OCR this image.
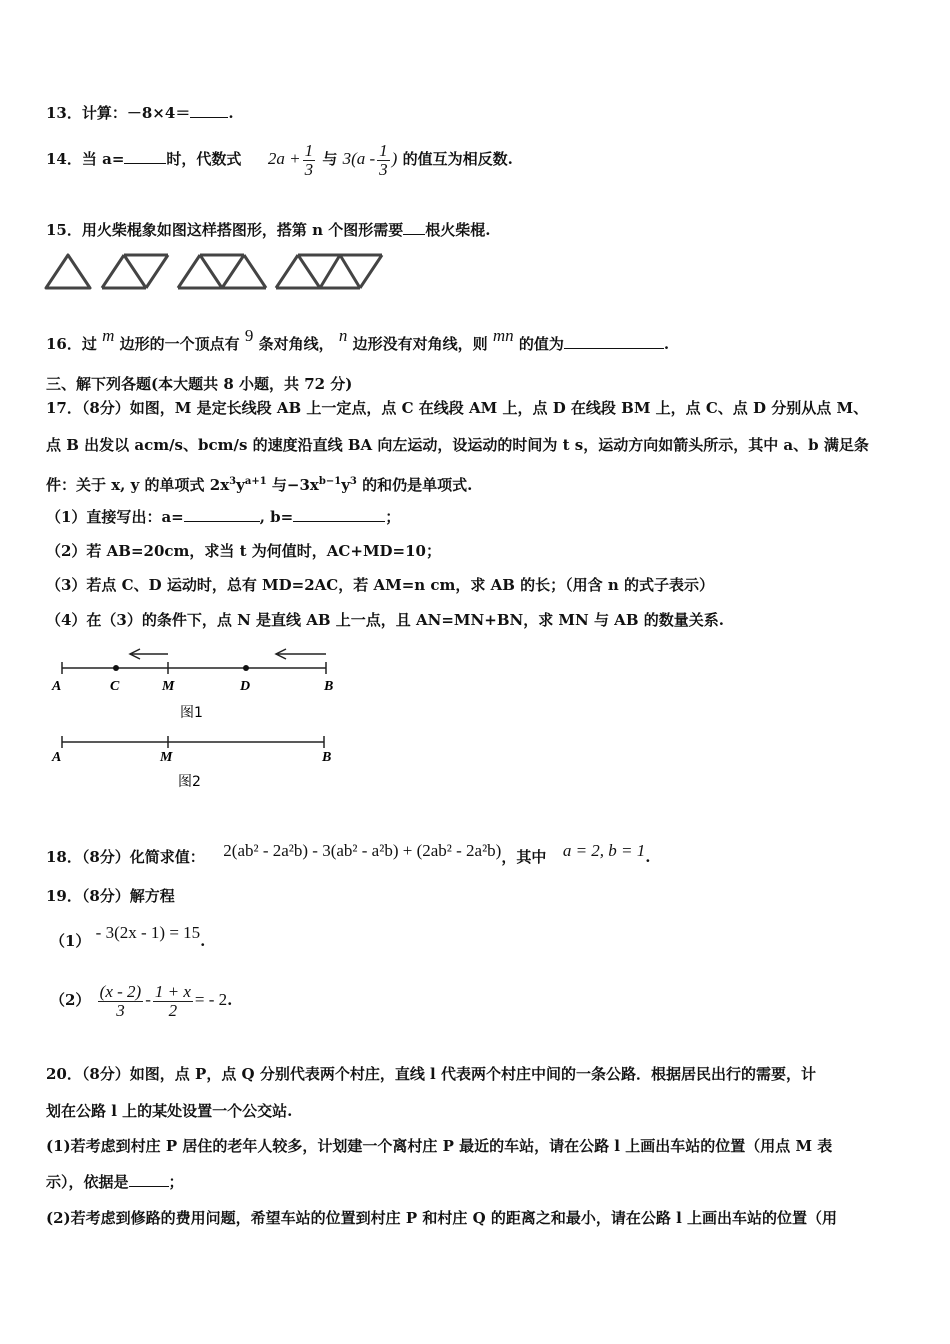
13．计算：－8×4＝	.
14．当 a=	时，代数式 $2a + \frac{1}{3}$ 与 $3(a - \frac{1}{3}$ ) 的值互为相反数.
15．用火柴棍象如图这样搭图形，搭第 n 个图形需要 根火柴棍.
16．过 m 边形的一个顶点有 9 条对角线， n 边形没有对角线，则 mn 的值为	.
三、解下列各题(本大题共 8 小题，共 72 分)
17．（8分）如图，M 是定长线段 AB 上一定点，点 C 在线段 AM 上，点 D 在线段 BM 上，点 C、点 D 分别从点 M、
点 B 出发以 acm/s、bcm/s 的速度沿直线 BA 向左运动，设运动的时间为 t s，运动方向如箭头所示，其中 a、b 满足条
件：关于 x, y 的单项式 $2x^3y^{a+1}$ 与$-3x^{b-1}y^3$ 的和仍是单项式.
（1）直接写出：a=	, b=	；
（2）若 AB=20cm，求当 t 为何值时，AC+MD=10；
（3）若点 C、D 运动时，总有 MD=2AC，若 AM=n cm，求 AB 的长；（用含 n 的式子表示）
（4）在（3）的条件下，点 N 是直线 AB 上一点，且 AN=MN+BN，求 MN 与 AB 的数量关系.
A	C	M	D	B
图1
A	M	B
图2
18．（8分）化简求值： 2(ab² - 2a²b) - 3(ab² - a²b) + (2ab² - 2a²b)，其中 a = 2, b = 1.
19．（8分）解方程
（1） - 3(2x - 1) = 15.
$(2) \frac{(x - 2)}{3} - \frac{1 + x}{2}$ = - 2.
20．（8分）如图，点 P，点 Q 分别代表两个村庄，直线 l 代表两个村庄中间的一条公路．根据居民出行的需要，计
划在公路 l 上的某处设置一个公交站.
(1)若考虑到村庄 P 居住的老年人较多，计划建一个离村庄 P 最近的车站，请在公路 l 上画出车站的位置（用点 M 表
示），依据是	；
(2)若考虑到修路的费用问题，希望车站的位置到村庄 P 和村庄 Q 的距离之和最小，请在公路 l 上画出车站的位置（用
